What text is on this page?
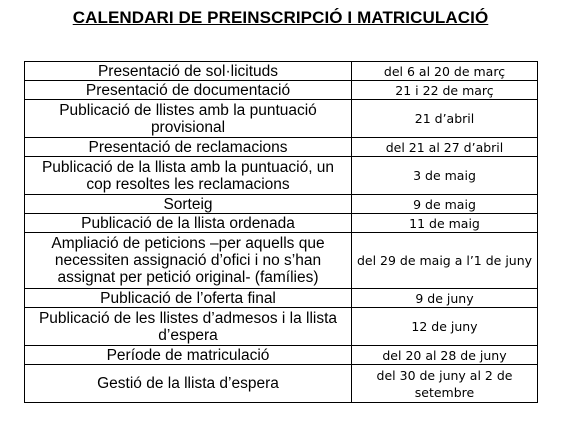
CALENDARI DE PREINSCRIPCIÓ I MATRICULACIÓ
Presentació de sol·licituds	del 6 al 20 de març
Presentació de documentació	21 i 22 de març
Publicació de llistes amb la puntuació provisional	21 d’abril
Presentació de reclamacions	del 21 al 27 d’abril
Publicació de la llista amb la puntuació, un cop resoltes les reclamacions	3 de maig
Sorteig	9 de maig
Publicació de la llista ordenada	11 de maig
Ampliació de peticions –per aquells que necessiten assignació d’ofici i no s’han assignat per petició original- (famílies)	del 29 de maig a l’1 de juny
Publicació de l’oferta final	9 de juny
Publicació de les llistes d’admesos i la llista d’espera	12 de juny
Període de matriculació	del 20 al 28 de juny
Gestió de la llista d’espera	del 30 de juny al 2 de setembre
